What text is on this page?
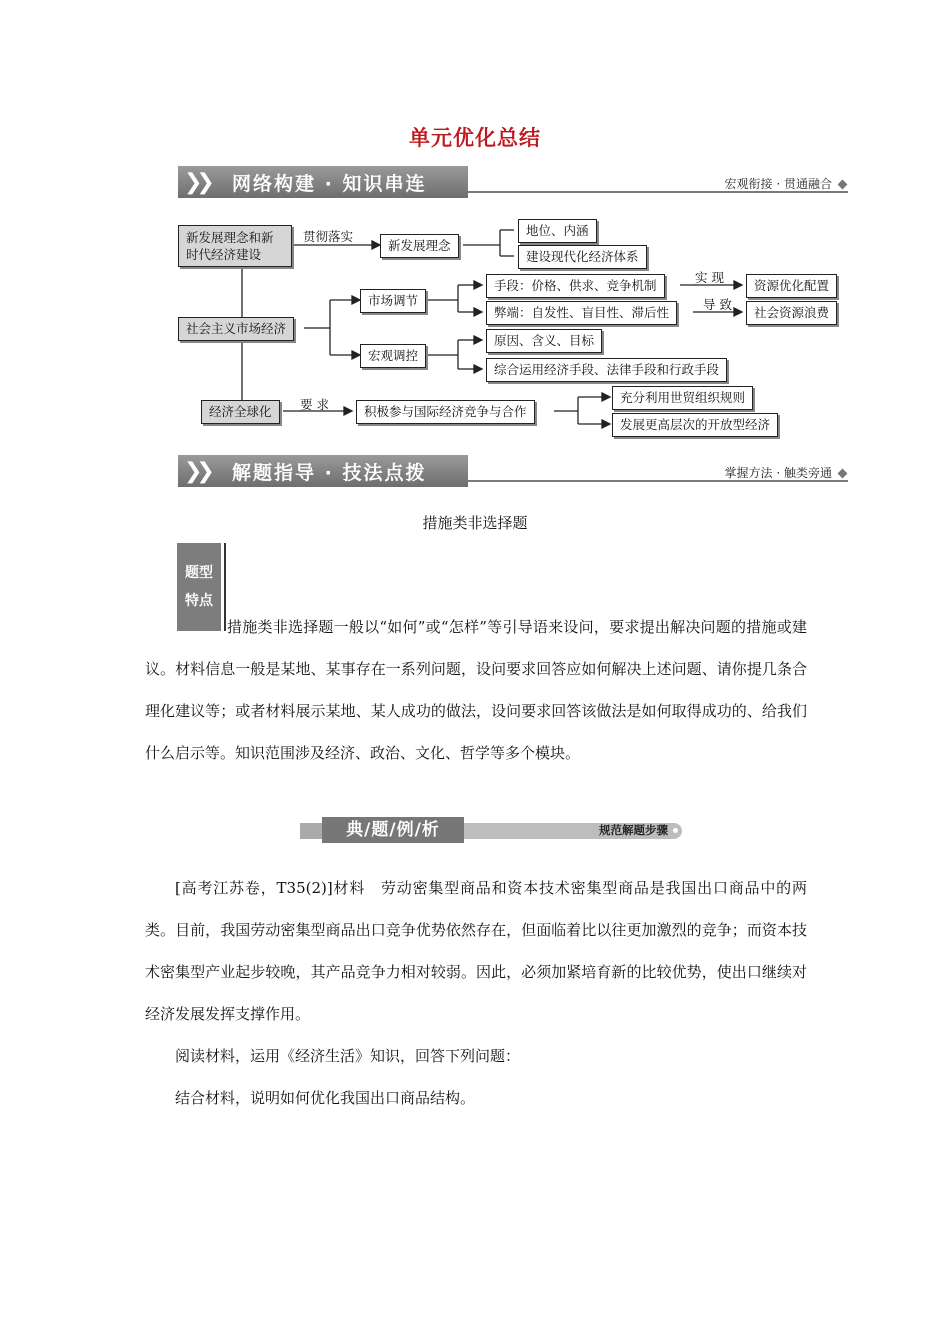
单元优化总结
❯❯ 网络构建 · 知识串连	宏观衔接 · 贯通融合
新发展理念和新
时代经济建设
贯彻落实
新发展理念
地位、内涵
建设现代化经济体系
社会主义市场经济
市场调节
手段：价格、供求、竞争机制
弊端：自发性、盲目性、滞后性
实 现
导 致
资源优化配置
社会资源浪费
宏观调控
原因、含义、目标
综合运用经济手段、法律手段和行政手段
经济全球化	要 求	积极参与国际经济竞争与合作
充分利用世贸组织规则
发展更高层次的开放型经济
❯❯ 解题指导 · 技法点拨	掌握方法 · 触类旁通
措施类非选择题
题型
特点
措施类非选择题一般以“如何”或“怎样”等引导语来设问，要求提出解决问题的措施或建议。材料信息一般是某地、某事存在一系列问题，设问要求回答应如何解决上述问题、请你提几条合理化建议等；或者材料展示某地、某人成功的做法，设问要求回答该做法是如何取得成功的、给我们什么启示等。知识范围涉及经济、政治、文化、哲学等多个模块。
典/题/例/析	规范解题步骤
[高考江苏卷，T35(2)]材料　劳动密集型商品和资本技术密集型商品是我国出口商品中的两类。目前，我国劳动密集型商品出口竞争优势依然存在，但面临着比以往更加激烈的竞争；而资本技术密集型产业起步较晚，其产品竞争力相对较弱。因此，必须加紧培育新的比较优势，使出口继续对经济发展发挥支撑作用。
阅读材料，运用《经济生活》知识，回答下列问题：
结合材料，说明如何优化我国出口商品结构。
